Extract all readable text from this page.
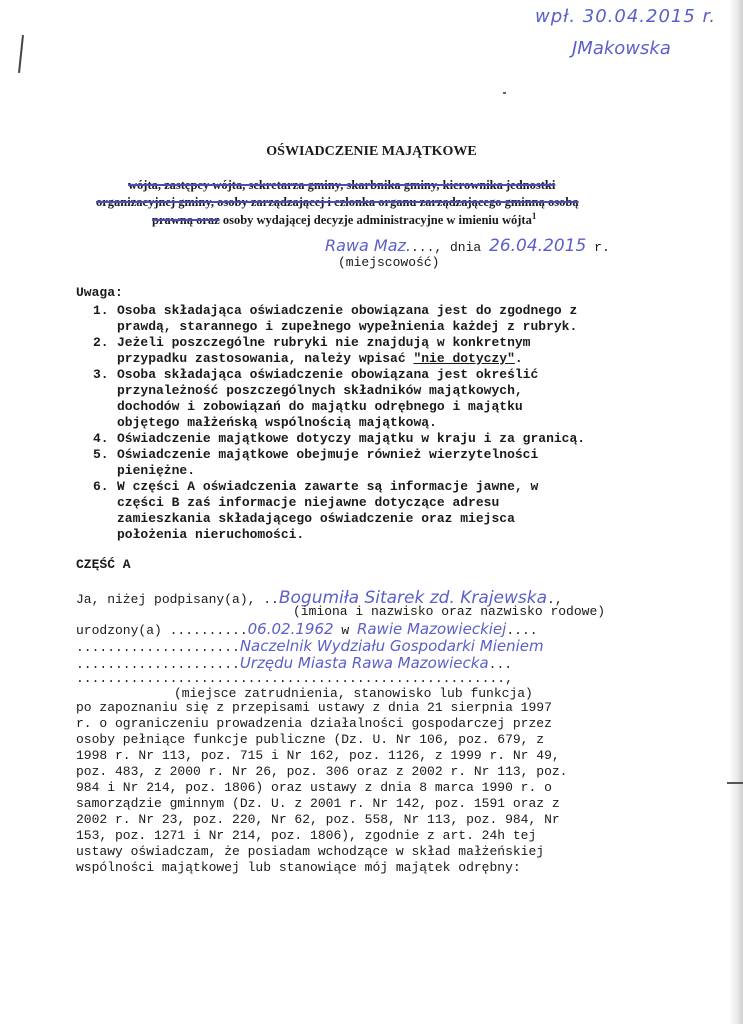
wpł. 30.04.2015 r.
JMakowska
OŚWIADCZENIE MAJĄTKOWE
wójta, zastępcy wójta, sekretarza gminy, skarbnika gminy, kierownika jednostki
organizacyjnej gminy, osoby zarządzającej i członka organu zarządzającego gminną osobą
prawną oraz osoby wydającej decyzje administracyjne w imieniu wójta$^1$
Rawa Maz...., dnia 26.04.2015 r.
(miejscowość)
Uwaga:
1. Osoba składająca oświadczenie obowiązana jest do zgodnego z
prawdą, starannego i zupełnego wypełnienia każdej z rubryk.
2. Jeżeli poszczególne rubryki nie znajdują w konkretnym
przypadku zastosowania, należy wpisać "nie dotyczy".
3. Osoba składająca oświadczenie obowiązana jest określić
przynależność poszczególnych składników majątkowych,
dochodów i zobowiązań do majątku odrębnego i majątku
objętego małżeńską wspólnością majątkową.
4. Oświadczenie majątkowe dotyczy majątku w kraju i za granicą.
5. Oświadczenie majątkowe obejmuje również wierzytelności
pieniężne.
6. W części A oświadczenia zawarte są informacje jawne, w
części B zaś informacje niejawne dotyczące adresu
zamieszkania składającego oświadczenie oraz miejsca
położenia nieruchomości.
CZĘŚĆ A
Ja, niżej podpisany(a), ..Bogumiła Sitarek zd. Krajewska.,
(imiona i nazwisko oraz nazwisko rodowe)
urodzony(a) ..........06.02.1962 w Rawie Mazowieckiej....
.....................Naczelnik Wydziału Gospodarki Mieniem
.....................Urzędu Miasta Rawa Mazowiecka...
.......................................................,
(miejsce zatrudnienia, stanowisko lub funkcja)
po zapoznaniu się z przepisami ustawy z dnia 21 sierpnia 1997
r. o ograniczeniu prowadzenia działalności gospodarczej przez
osoby pełniące funkcje publiczne (Dz. U. Nr 106, poz. 679, z
1998 r. Nr 113, poz. 715 i Nr 162, poz. 1126, z 1999 r. Nr 49,
poz. 483, z 2000 r. Nr 26, poz. 306 oraz z 2002 r. Nr 113, poz.
984 i Nr 214, poz. 1806) oraz ustawy z dnia 8 marca 1990 r. o
samorządzie gminnym (Dz. U. z 2001 r. Nr 142, poz. 1591 oraz z
2002 r. Nr 23, poz. 220, Nr 62, poz. 558, Nr 113, poz. 984, Nr
153, poz. 1271 i Nr 214, poz. 1806), zgodnie z art. 24h tej
ustawy oświadczam, że posiadam wchodzące w skład małżeńskiej
wspólności majątkowej lub stanowiące mój majątek odrębny:
